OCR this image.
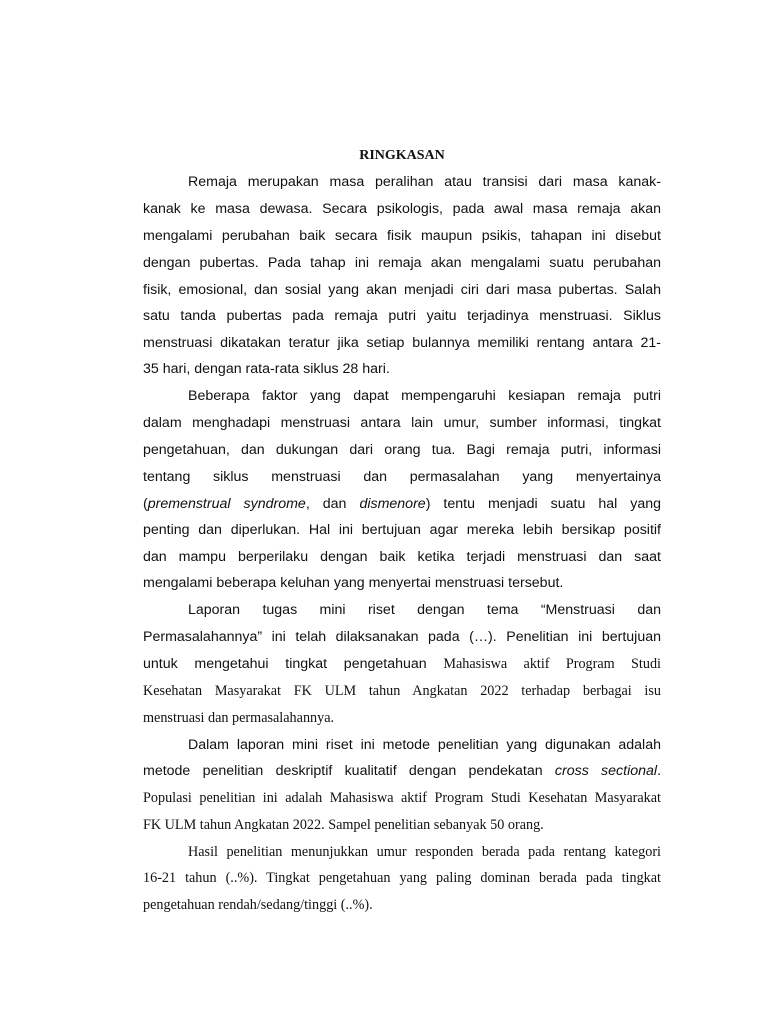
RINGKASAN
Remaja merupakan masa peralihan atau transisi dari masa kanak-
kanak ke masa dewasa. Secara psikologis, pada awal masa remaja akan
mengalami perubahan baik secara fisik maupun psikis, tahapan ini disebut
dengan pubertas. Pada tahap ini remaja akan mengalami suatu perubahan
fisik, emosional, dan sosial yang akan menjadi ciri dari masa pubertas. Salah
satu tanda pubertas pada remaja putri yaitu terjadinya menstruasi. Siklus
menstruasi dikatakan teratur jika setiap bulannya memiliki rentang antara 21-
35 hari, dengan rata-rata siklus 28 hari.
Beberapa faktor yang dapat mempengaruhi kesiapan remaja putri
dalam menghadapi menstruasi antara lain umur, sumber informasi, tingkat
pengetahuan, dan dukungan dari orang tua. Bagi remaja putri, informasi
tentang siklus menstruasi dan permasalahan yang menyertainya
(premenstrual syndrome, dan dismenore) tentu menjadi suatu hal yang
penting dan diperlukan. Hal ini bertujuan agar mereka lebih bersikap positif
dan mampu berperilaku dengan baik ketika terjadi menstruasi dan saat
mengalami beberapa keluhan yang menyertai menstruasi tersebut.
Laporan tugas mini riset dengan tema “Menstruasi dan
Permasalahannya” ini telah dilaksanakan pada (…). Penelitian ini bertujuan
untuk mengetahui tingkat pengetahuan Mahasiswa aktif Program Studi
Kesehatan Masyarakat FK ULM tahun Angkatan 2022 terhadap berbagai isu
menstruasi dan permasalahannya.
Dalam laporan mini riset ini metode penelitian yang digunakan adalah
metode penelitian deskriptif kualitatif dengan pendekatan cross sectional.
Populasi penelitian ini adalah Mahasiswa aktif Program Studi Kesehatan Masyarakat
FK ULM tahun Angkatan 2022. Sampel penelitian sebanyak 50 orang.
Hasil penelitian menunjukkan umur responden berada pada rentang kategori
16-21 tahun (..%). Tingkat pengetahuan yang paling dominan berada pada tingkat
pengetahuan rendah/sedang/tinggi (..%).
